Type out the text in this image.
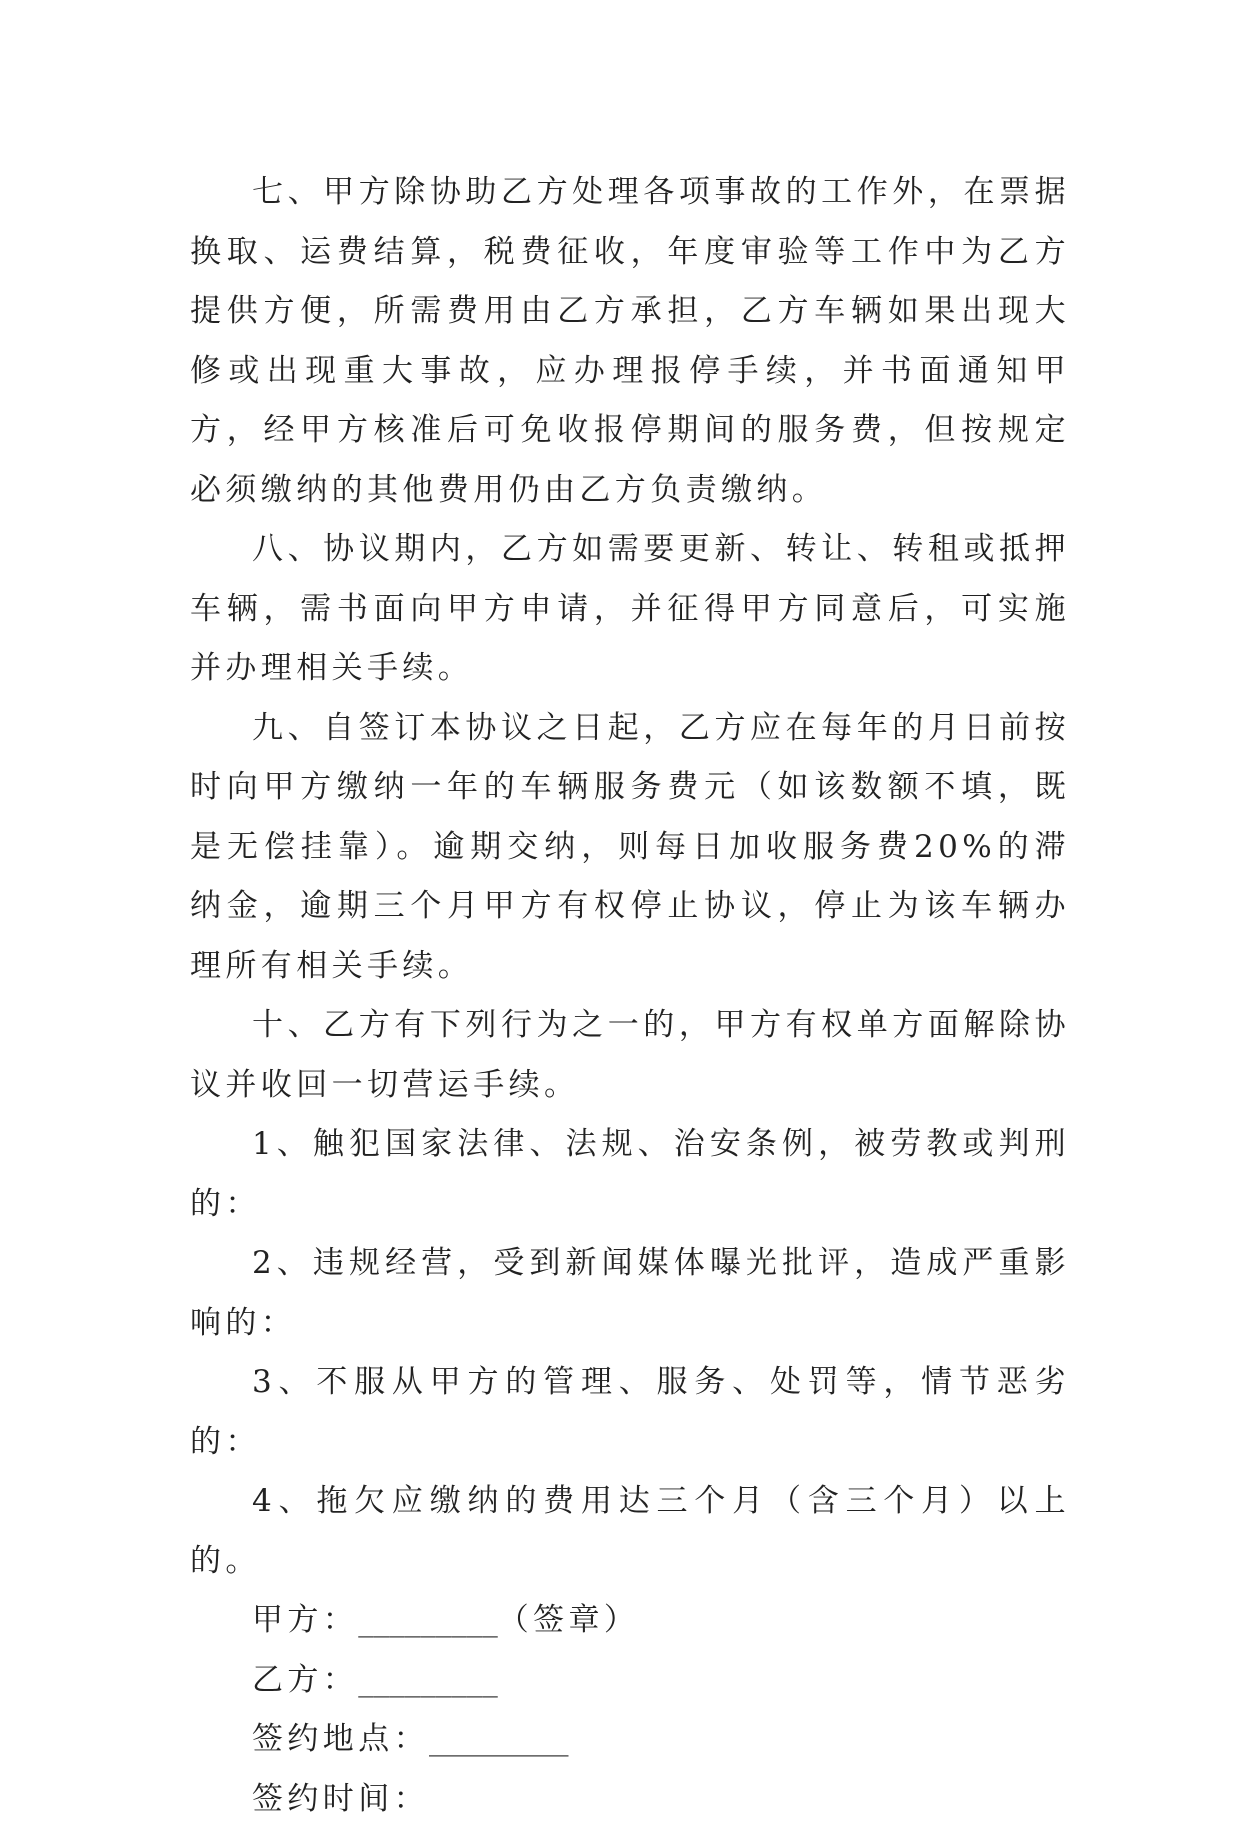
七、甲方除协助乙方处理各项事故的工作外，在票据换取、运费结算，税费征收，年度审验等工作中为乙方提供方便，所需费用由乙方承担，乙方车辆如果出现大修或出现重大事故，应办理报停手续，并书面通知甲方，经甲方核准后可免收报停期间的服务费，但按规定必须缴纳的其他费用仍由乙方负责缴纳。

八、协议期内，乙方如需要更新、转让、转租或抵押车辆，需书面向甲方申请，并征得甲方同意后，可实施并办理相关手续。

九、自签订本协议之日起，乙方应在每年的月日前按时向甲方缴纳一年的车辆服务费元（如该数额不填，既是无偿挂靠）。逾期交纳，则每日加收服务费20%的滞纳金，逾期三个月甲方有权停止协议，停止为该车辆办理所有相关手续。

十、乙方有下列行为之一的，甲方有权单方面解除协议并收回一切营运手续。

1、触犯国家法律、法规、治安条例，被劳教或判刑的：

2、违规经营，受到新闻媒体曝光批评，造成严重影响的：

3、不服从甲方的管理、服务、处罚等，情节恶劣的：

4、拖欠应缴纳的费用达三个月（含三个月）以上的。

甲方：_________（签章）

乙方：_________

签约地点：_________

签约时间：
